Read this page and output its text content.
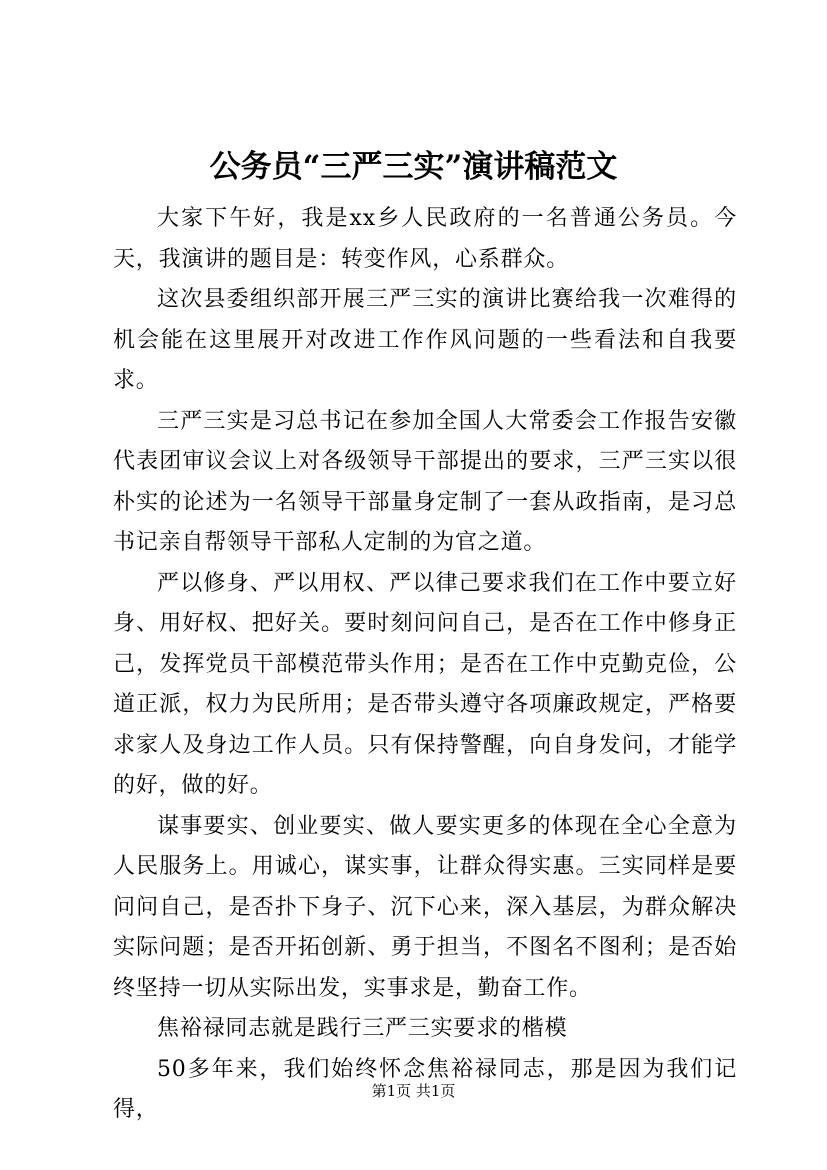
公务员“三严三实”演讲稿范文

大家下午好，我是xx乡人民政府的一名普通公务员。今天，我演讲的题目是：转变作风，心系群众。

这次县委组织部开展三严三实的演讲比赛给我一次难得的机会能在这里展开对改进工作作风问题的一些看法和自我要求。

三严三实是习总书记在参加全国人大常委会工作报告安徽代表团审议会议上对各级领导干部提出的要求，三严三实以很朴实的论述为一名领导干部量身定制了一套从政指南，是习总书记亲自帮领导干部私人定制的为官之道。

严以修身、严以用权、严以律己要求我们在工作中要立好身、用好权、把好关。要时刻问问自己，是否在工作中修身正己，发挥党员干部模范带头作用；是否在工作中克勤克俭，公道正派，权力为民所用；是否带头遵守各项廉政规定，严格要求家人及身边工作人员。只有保持警醒，向自身发问，才能学的好，做的好。

谋事要实、创业要实、做人要实更多的体现在全心全意为人民服务上。用诚心，谋实事，让群众得实惠。三实同样是要问问自己，是否扑下身子、沉下心来，深入基层，为群众解决实际问题；是否开拓创新、勇于担当，不图名不图利；是否始终坚持一切从实际出发，实事求是，勤奋工作。

焦裕禄同志就是践行三严三实要求的楷模

50多年来，我们始终怀念焦裕禄同志，那是因为我们记得，

第1页 共1页
